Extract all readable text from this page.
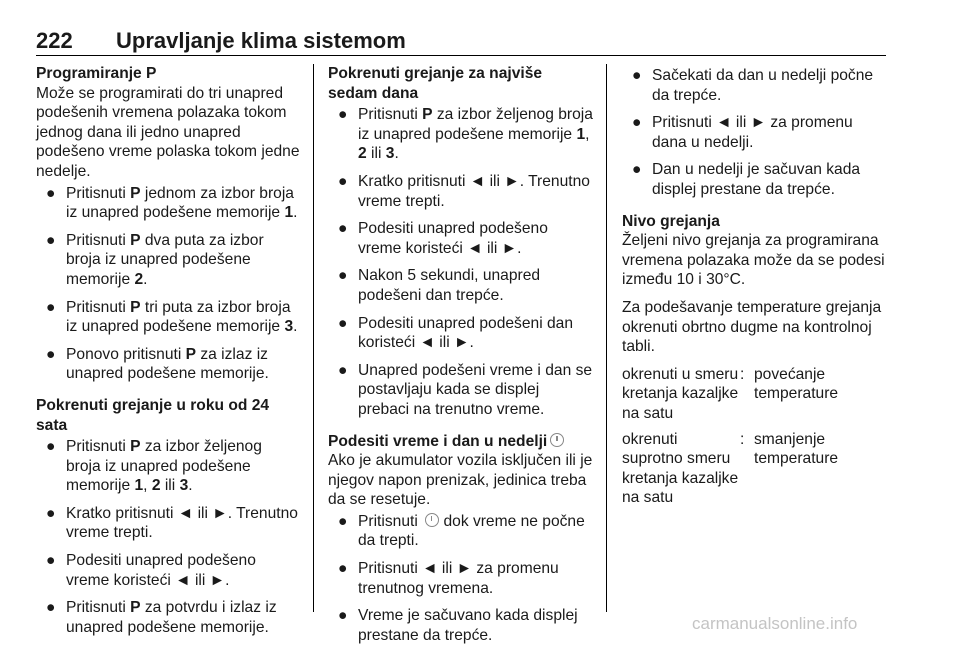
222 Upravljanje klima sistemom

Programiranje P

Može se programirati do tri unapred podešenih vremena polazaka tokom jednog dana ili jedno unapred podešeno vreme polaska tokom jedne nedelje.

● Pritisnuti P jednom za izbor broja iz unapred podešene memorije 1.
● Pritisnuti P dva puta za izbor broja iz unapred podešene memorije 2.
● Pritisnuti P tri puta za izbor broja iz unapred podešene memorije 3.
● Ponovo pritisnuti P za izlaz iz unapred podešene memorije.

Pokrenuti grejanje u roku od 24 sata

● Pritisnuti P za izbor željenog broja iz unapred podešene memorije 1, 2 ili 3.
● Kratko pritisnuti ◄ ili ►. Trenutno vreme trepti.
● Podesiti unapred podešeno vreme koristeći ◄ ili ►.
● Pritisnuti P za potvrdu i izlaz iz unapred podešene memorije.

Pokrenuti grejanje za najviše sedam dana

● Pritisnuti P za izbor željenog broja iz unapred podešene memorije 1, 2 ili 3.
● Kratko pritisnuti ◄ ili ►. Trenutno vreme trepti.
● Podesiti unapred podešeno vreme koristeći ◄ ili ►.
● Nakon 5 sekundi, unapred podešeni dan trepće.
● Podesiti unapred podešeni dan koristeći ◄ ili ►.
● Unapred podešeni vreme i dan se postavljaju kada se displej prebaci na trenutno vreme.

Podesiti vreme i dan u nedelji

Ako je akumulator vozila isključen ili je njegov napon prenizak, jedinica treba da se resetuje.

● Pritisnuti  dok vreme ne počne da trepti.
● Pritisnuti ◄ ili ► za promenu trenutnog vremena.
● Vreme je sačuvano kada displej prestane da trepće.
● Sačekati da dan u nedelji počne da trepće.
● Pritisnuti ◄ ili ► za promenu dana u nedelji.
● Dan u nedelji je sačuvan kada displej prestane da trepće.

Nivo grejanja

Željeni nivo grejanja za programirana vremena polazaka može da se podesi između 10 i 30°C.

Za podešavanje temperature grejanja okrenuti obrtno dugme na kontrolnoj tabli.

okrenuti u smeru kretanja kazaljke na satu
: povećanje temperature
okrenuti suprotno smeru kretanja kazaljke na satu
: smanjenje temperature
carmanualsonline.info
